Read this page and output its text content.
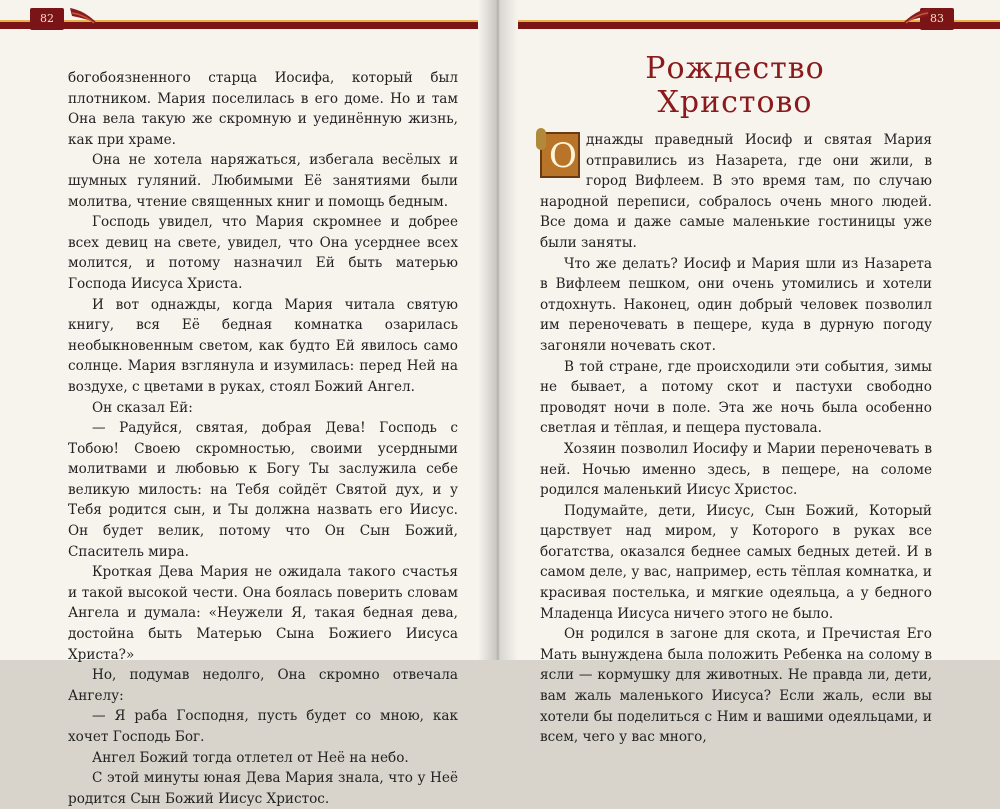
82	83

богобоязненного старца Иосифа, который был плотником. Мария поселилась в его доме. Но и там Она вела такую же скромную и уединённую жизнь, как при храме.

Она не хотела наряжаться, избегала весёлых и шумных гуляний. Любимыми Её занятиями были молитва, чтение священных книг и помощь бедным.

Господь увидел, что Мария скромнее и добрее всех девиц на свете, увидел, что Она усерднее всех молится, и потому назначил Ей быть матерью Господа Иисуса Христа.

И вот однажды, когда Мария читала святую книгу, вся Её бедная комнатка озарилась необыкновенным светом, как будто Ей явилось само солнце. Мария взглянула и изумилась: перед Ней на воздухе, с цветами в руках, стоял Божий Ангел.

Он сказал Ей:

— Радуйся, святая, добрая Дева! Господь с Тобою! Своею скромностью, своими усердными молитвами и любовью к Богу Ты заслужила себе великую милость: на Тебя сойдёт Святой дух, и у Тебя родится сын, и Ты должна назвать его Иисус. Он будет велик, потому что Он Сын Божий, Спаситель мира.

Кроткая Дева Мария не ожидала такого счастья и такой высокой чести. Она боялась поверить словам Ангела и думала: «Неужели Я, такая бедная дева, достойна быть Матерью Сына Божиего Иисуса Христа?»

Но, подумав недолго, Она скромно отвечала Ангелу:

— Я раба Господня, пусть будет со мною, как хочет Господь Бог.

Ангел Божий тогда отлетел от Неё на небо.

С этой минуты юная Дева Мария знала, что у Неё родится Сын Божий Иисус Христос.

Рождество
Христово

О днажды праведный Иосиф и святая Мария отправились из Назарета, где они жили, в город Вифлеем. В это время там, по случаю народной переписи, собралось очень много людей. Все дома и даже самые маленькие гостиницы уже были заняты.

Что же делать? Иосиф и Мария шли из Назарета в Вифлеем пешком, они очень утомились и хотели отдохнуть. Наконец, один добрый человек позволил им переночевать в пещере, куда в дурную погоду загоняли ночевать скот.

В той стране, где происходили эти события, зимы не бывает, а потому скот и пастухи свободно проводят ночи в поле. Эта же ночь была особенно светлая и тёплая, и пещера пустовала.

Хозяин позволил Иосифу и Марии переночевать в ней. Ночью именно здесь, в пещере, на соломе родился маленький Иисус Христос.

Подумайте, дети, Иисус, Сын Божий, Который царствует над миром, у Которого в руках все богатства, оказался беднее самых бедных детей. И в самом деле, у вас, например, есть тёплая комнатка, и красивая постелька, и мягкие одеяльца, а у бедного Младенца Иисуса ничего этого не было.

Он родился в загоне для скота, и Пречистая Его Мать вынуждена была положить Ребенка на солому в ясли — кормушку для животных. Не правда ли, дети, вам жаль маленького Иисуса? Если жаль, если вы хотели бы поделиться с Ним и вашими одеяльцами, и всем, чего у вас много,
